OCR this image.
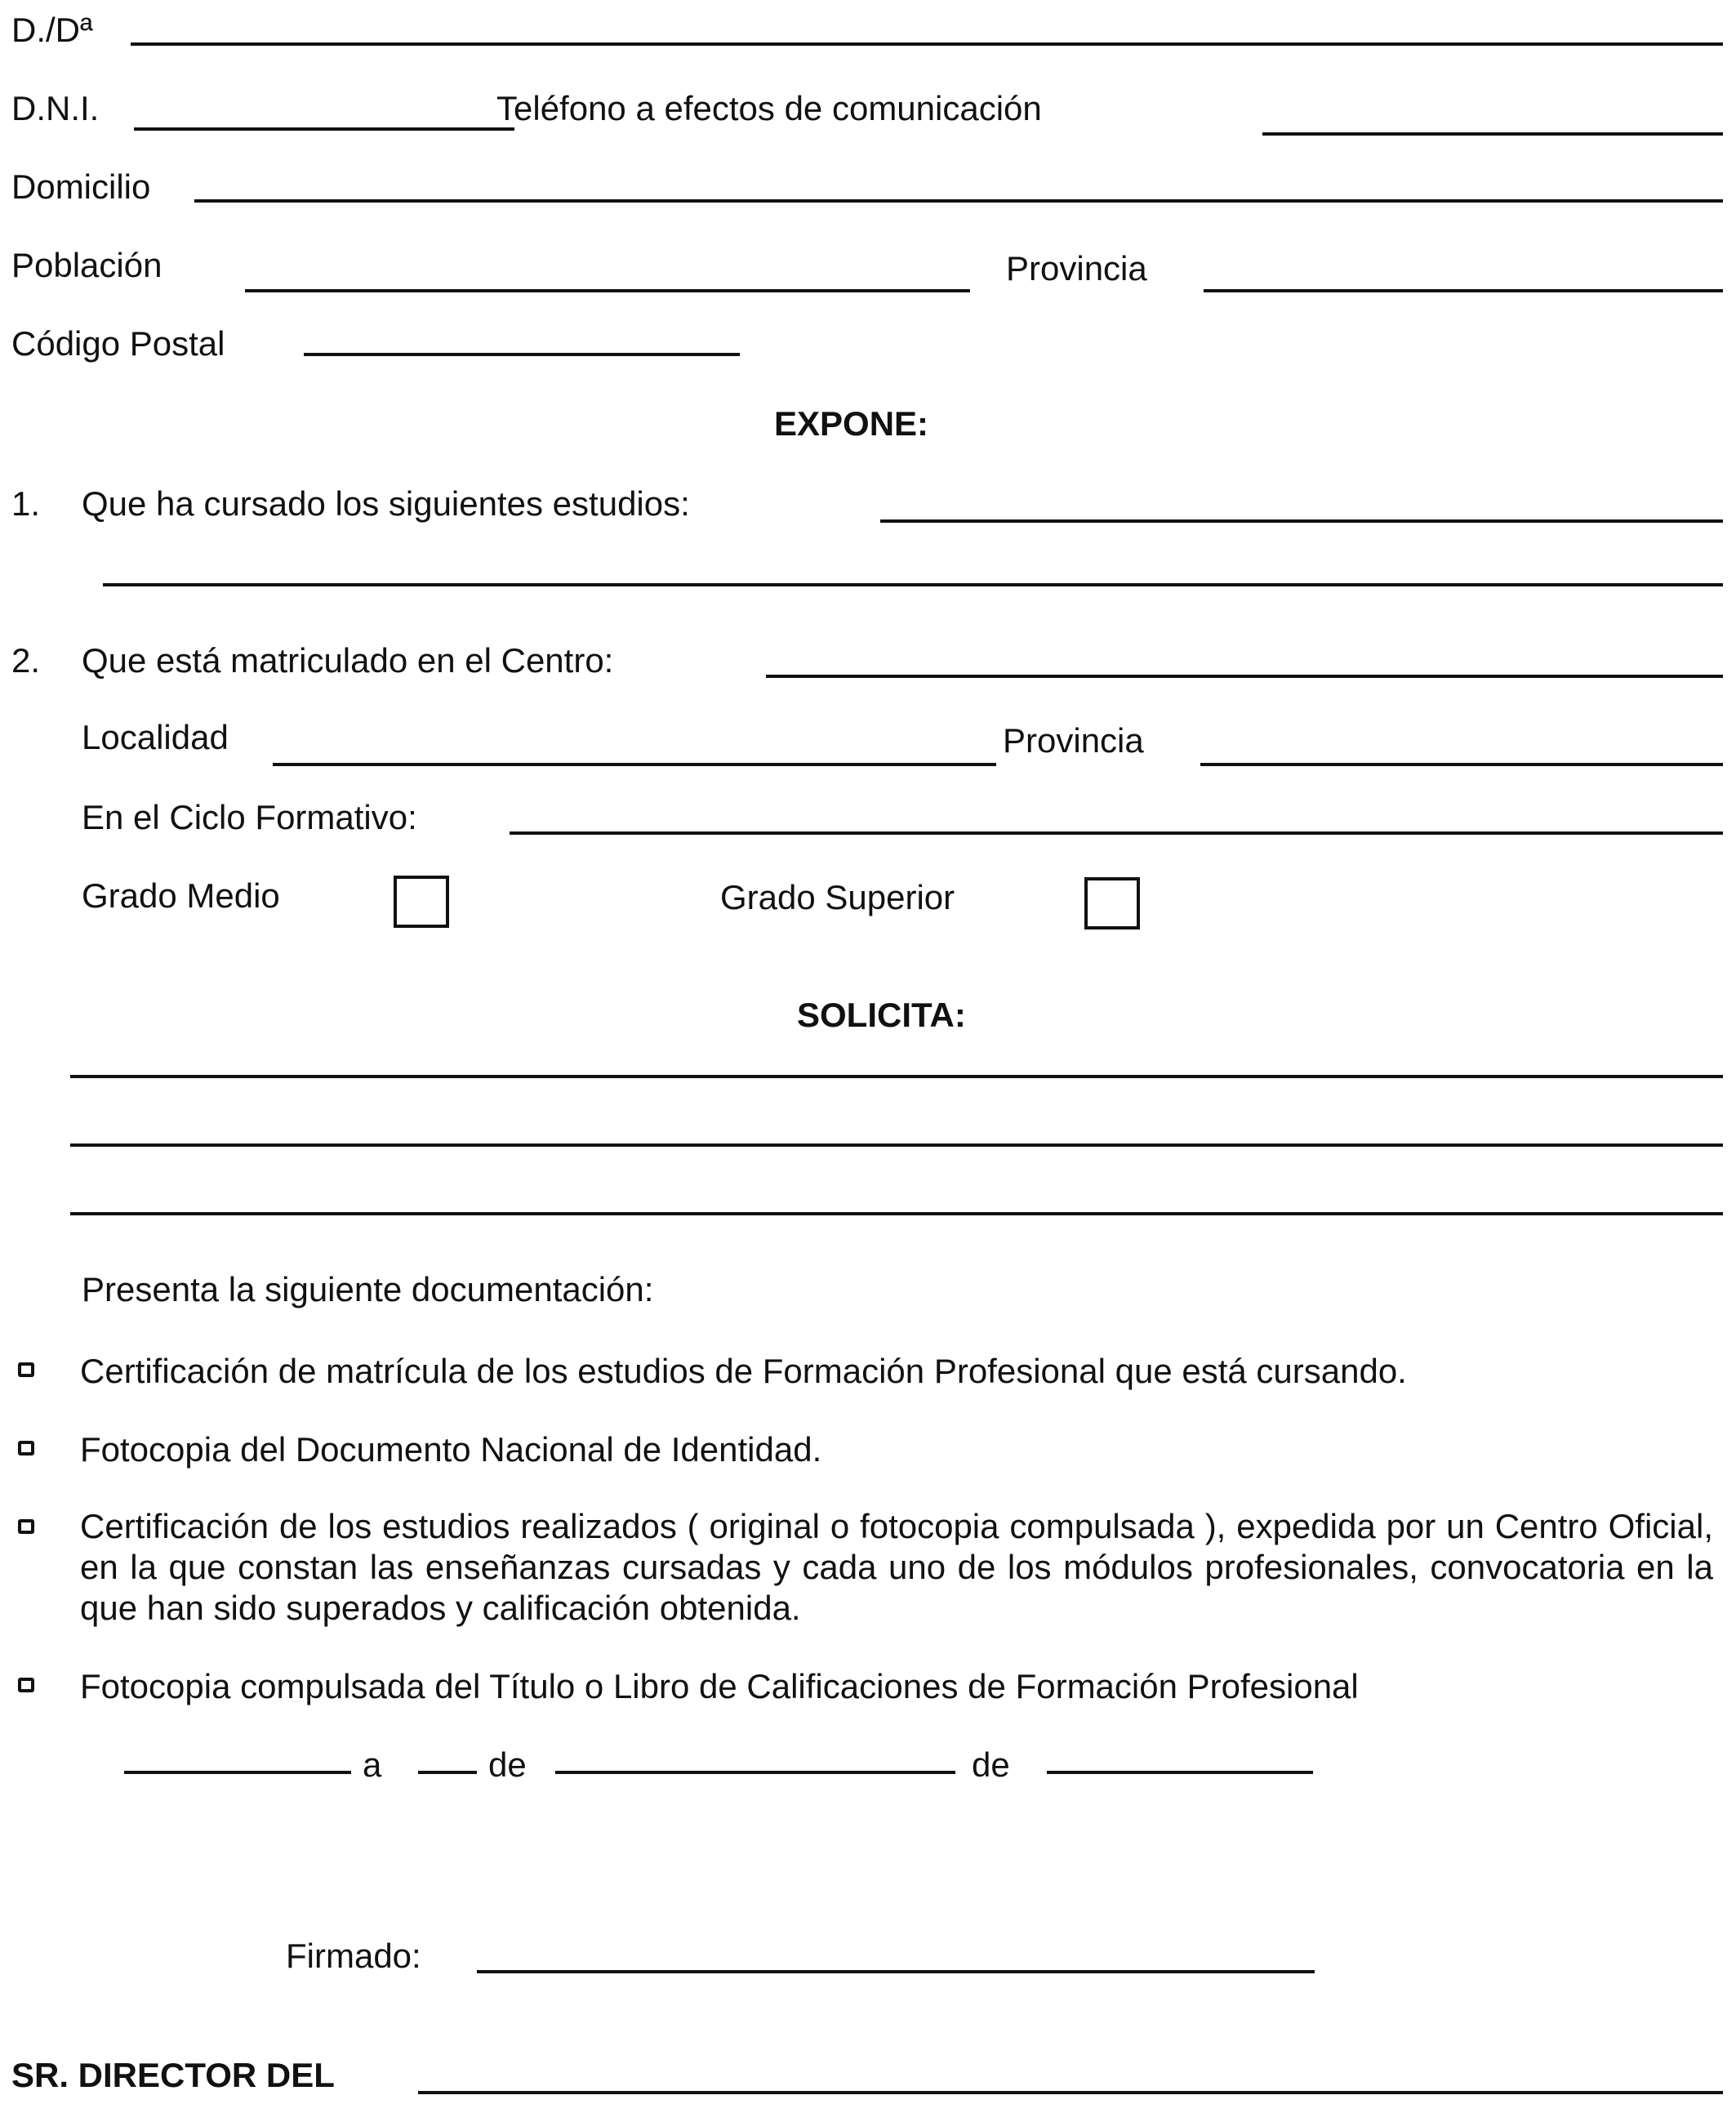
D./Dª
D.N.I.	Teléfono a efectos de comunicación
Domicilio
Población	Provincia
Código Postal
EXPONE:
1. Que ha cursado los siguientes estudios:
2. Que está matriculado en el Centro:
Localidad	Provincia
En el Ciclo Formativo:
Grado Medio	Grado Superior
SOLICITA:
Presenta la siguiente documentación:
Certificación de matrícula de los estudios de Formación Profesional que está cursando.
Fotocopia del Documento Nacional de Identidad.
Certificación de los estudios realizados ( original o fotocopia compulsada ), expedida por un Centro Oficial, en la que constan las enseñanzas cursadas y cada uno de los módulos profesionales, convocatoria en la que han sido superados y calificación obtenida.
Fotocopia compulsada del Título o Libro de Calificaciones de Formación Profesional
a	de	de
Firmado:
SR. DIRECTOR DEL
